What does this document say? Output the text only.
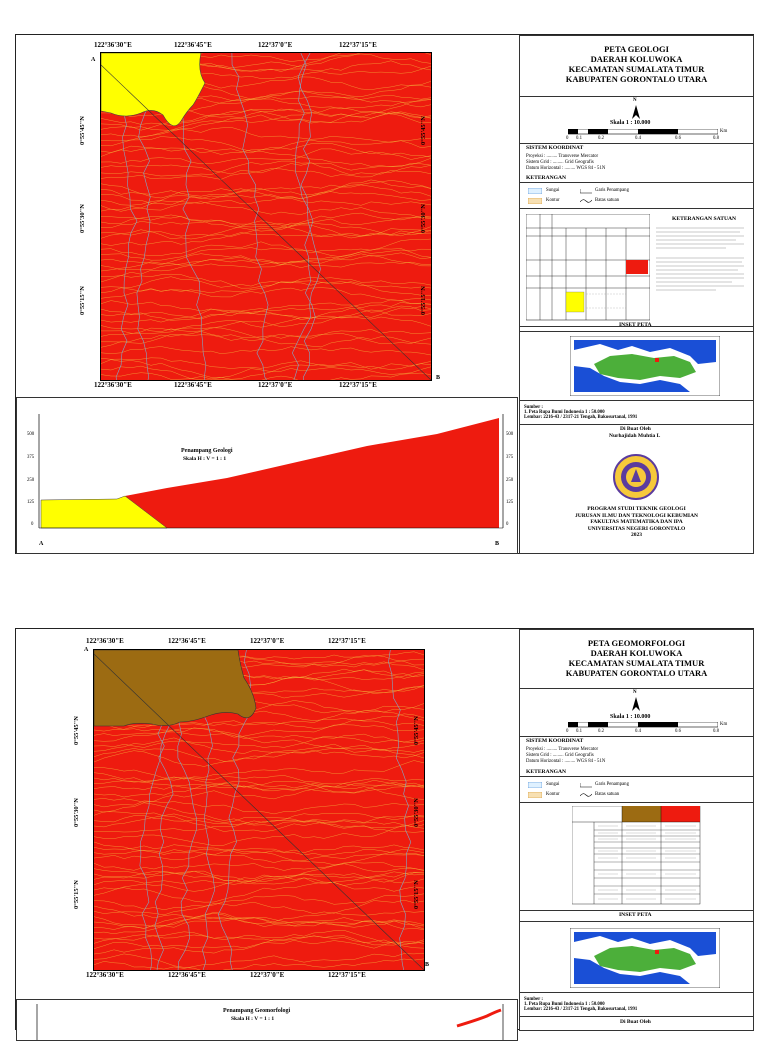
A
B
122°36'30"E	122°36'45"E	122°37'0"E	122°37'15"E
122°36'30"E	122°36'45"E	122°37'0"E	122°37'15"E
0°55'45"N
0°55'30"N
0°55'15"N
0°55'45"N
0°55'30"N
0°55'15"N
500
375
250
125
0
500
375
250
125
0
Penampang Geologi
Skala H : V = 1 : 1
A	B
PETA GEOLOGI
DAERAH KOLUWOKA
KECAMATAN SUMALATA TIMUR
KABUPATEN GORONTALO UTARA
N
Skala 1 : 10.000
0 0.1	0.2	0.4	0.6	0.8
Km
SISTEM KOORDINAT
Proyeksi : ......... Transverse Mercator
Sistem Grid : ......... Grid Geografis
Datum Horizontal : ......... WGS 84 - 51N
KETERANGAN
Sungai	Garis Penampang
Kontur	Batas satuan
KETERANGAN SATUAN
INSET PETA
Sumber :
1. Peta Rupa Bumi Indonesia 1 : 50.000
Lembar: 2216-43 / 2317-21 Tengah, Bakosurtanal, 1991
Di Buat Oleh
Nurhajidah Muhtia L
PROGRAM STUDI TEKNIK GEOLOGI
JURUSAN ILMU DAN TEKNOLOGI KEBUMIAN
FAKULTAS MATEMATIKA DAN IPA
UNIVERSITAS NEGERI GORONTALO
2023
A
B
122°36'30"E	122°36'45"E	122°37'0"E	122°37'15"E
122°36'30"E	122°36'45"E	122°37'0"E	122°37'15"E
0°55'45"N
0°55'30"N
0°55'15"N
0°55'45"N
0°55'30"N
0°55'15"N
Penampang Geomorfologi
Skala H : V = 1 : 1
PETA GEOMORFOLOGI
DAERAH KOLUWOKA
KECAMATAN SUMALATA TIMUR
KABUPATEN GORONTALO UTARA
N
Skala 1 : 10.000
0 0.1	0.2	0.4	0.6	0.8
Km
SISTEM KOORDINAT
Proyeksi : ......... Transverse Mercator
Sistem Grid : ......... Grid Geografis
Datum Horizontal : ......... WGS 84 - 51N
KETERANGAN
Sungai	Garis Penampang
Kontur	Batas satuan
INSET PETA
Sumber :
1. Peta Rupa Bumi Indonesia 1 : 50.000
Lembar: 2216-43 / 2317-21 Tengah, Bakosurtanal, 1991
Di Buat Oleh
